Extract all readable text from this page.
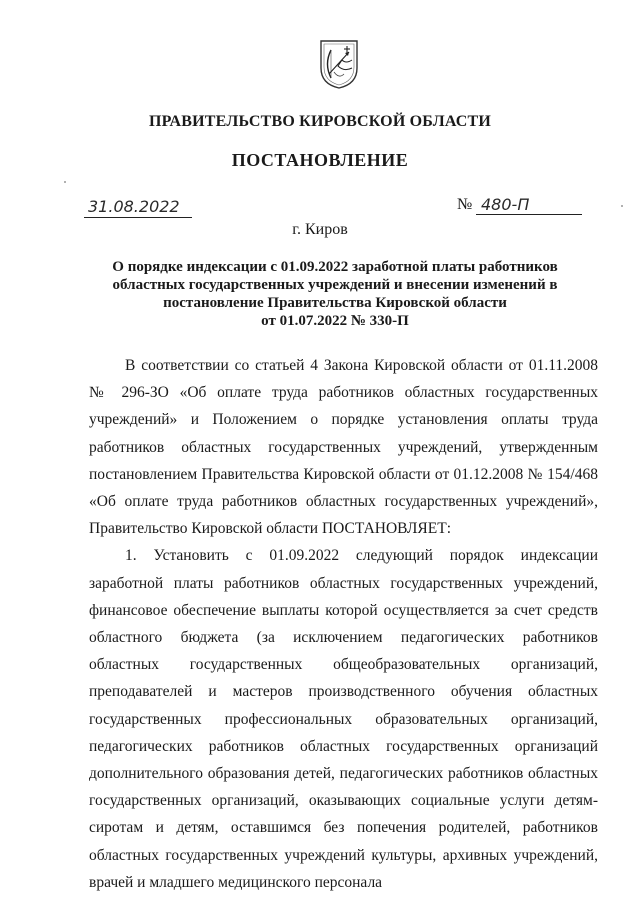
ПРАВИТЕЛЬСТВО КИРОВСКОЙ ОБЛАСТИ
ПОСТАНОВЛЕНИЕ
31.08.2022	№ 480-П
г. Киров
О порядке индексации с 01.09.2022 заработной платы работников
областных государственных учреждений и внесении изменений в
постановление Правительства Кировской области
от 01.07.2022 № 330-П

В соответствии со статьей 4 Закона Кировской области от 01.11.2008 № 296-ЗО «Об оплате труда работников областных государственных учреждений» и Положением о порядке установления оплаты труда работников областных государственных учреждений, утвержденным постановлением Правительства Кировской области от 01.12.2008 № 154/468 «Об оплате труда работников областных государственных учреждений», Правительство Кировской области ПОСТАНОВЛЯЕТ:

1. Установить с 01.09.2022 следующий порядок индексации заработной платы работников областных государственных учреждений, финансовое обеспечение выплаты которой осуществляется за счет средств областного бюджета (за исключением педагогических работников областных государственных общеобразовательных организаций, преподавателей и мастеров производственного обучения областных государственных профессиональных образовательных организаций, педагогических работников областных государственных организаций дополнительного образования детей, педагогических работников областных государственных организаций, оказывающих социальные услуги детям-сиротам и детям, оставшимся без попечения родителей, работников областных государственных учреждений культуры, архивных учреждений, врачей и младшего медицинского персонала
